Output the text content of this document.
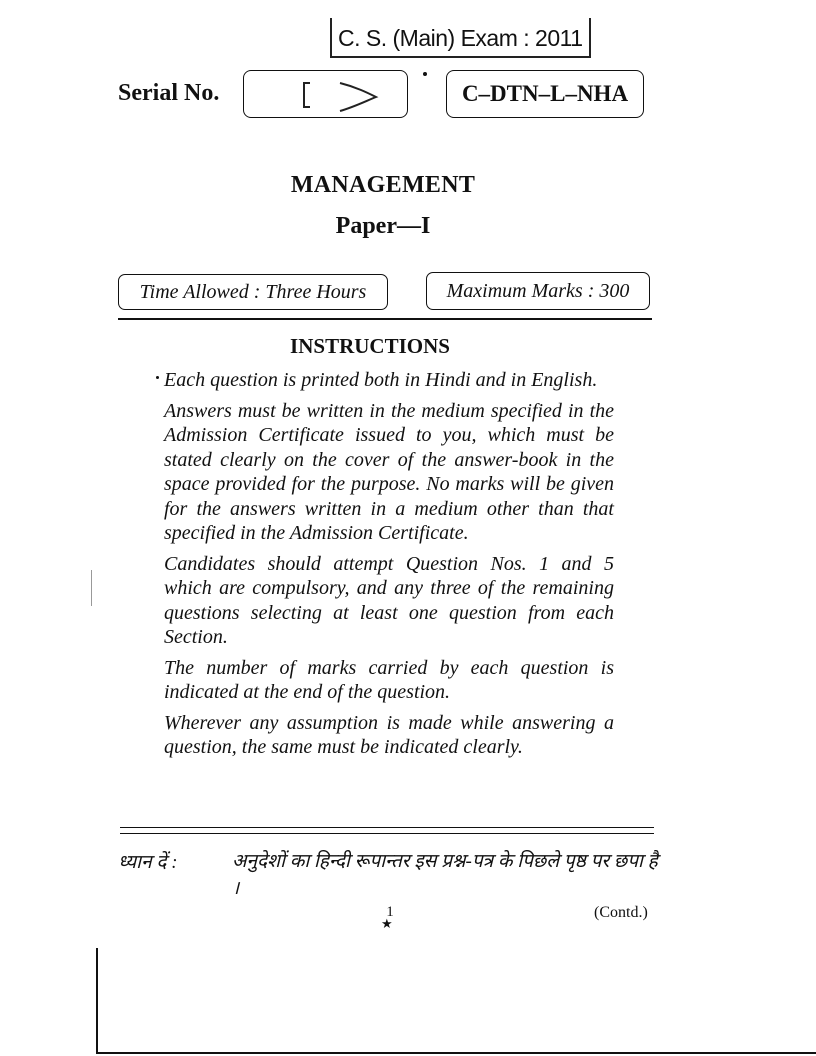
C. S. (Main) Exam : 2011
Serial No.	C–DTN–L–NHA
MANAGEMENT
Paper—I
Time Allowed : Three Hours	Maximum Marks : 300
INSTRUCTIONS

Each question is printed both in Hindi and in English.

Answers must be written in the medium specified in the Admission Certificate issued to you, which must be stated clearly on the cover of the answer-book in the space provided for the purpose. No marks will be given for the answers written in a medium other than that specified in the Admission Certificate.

Candidates should attempt Question Nos. 1 and 5 which are compulsory, and any three of the remaining questions selecting at least one question from each Section.

The number of marks carried by each question is indicated at the end of the question.

Wherever any assumption is made while answering a question, the same must be indicated clearly.

ध्यान दें :	अनुदेशों का हिन्दी रूपान्तर इस प्रश्न-पत्र के पिछले पृष्ठ पर छपा है ।
1
★
(Contd.)
